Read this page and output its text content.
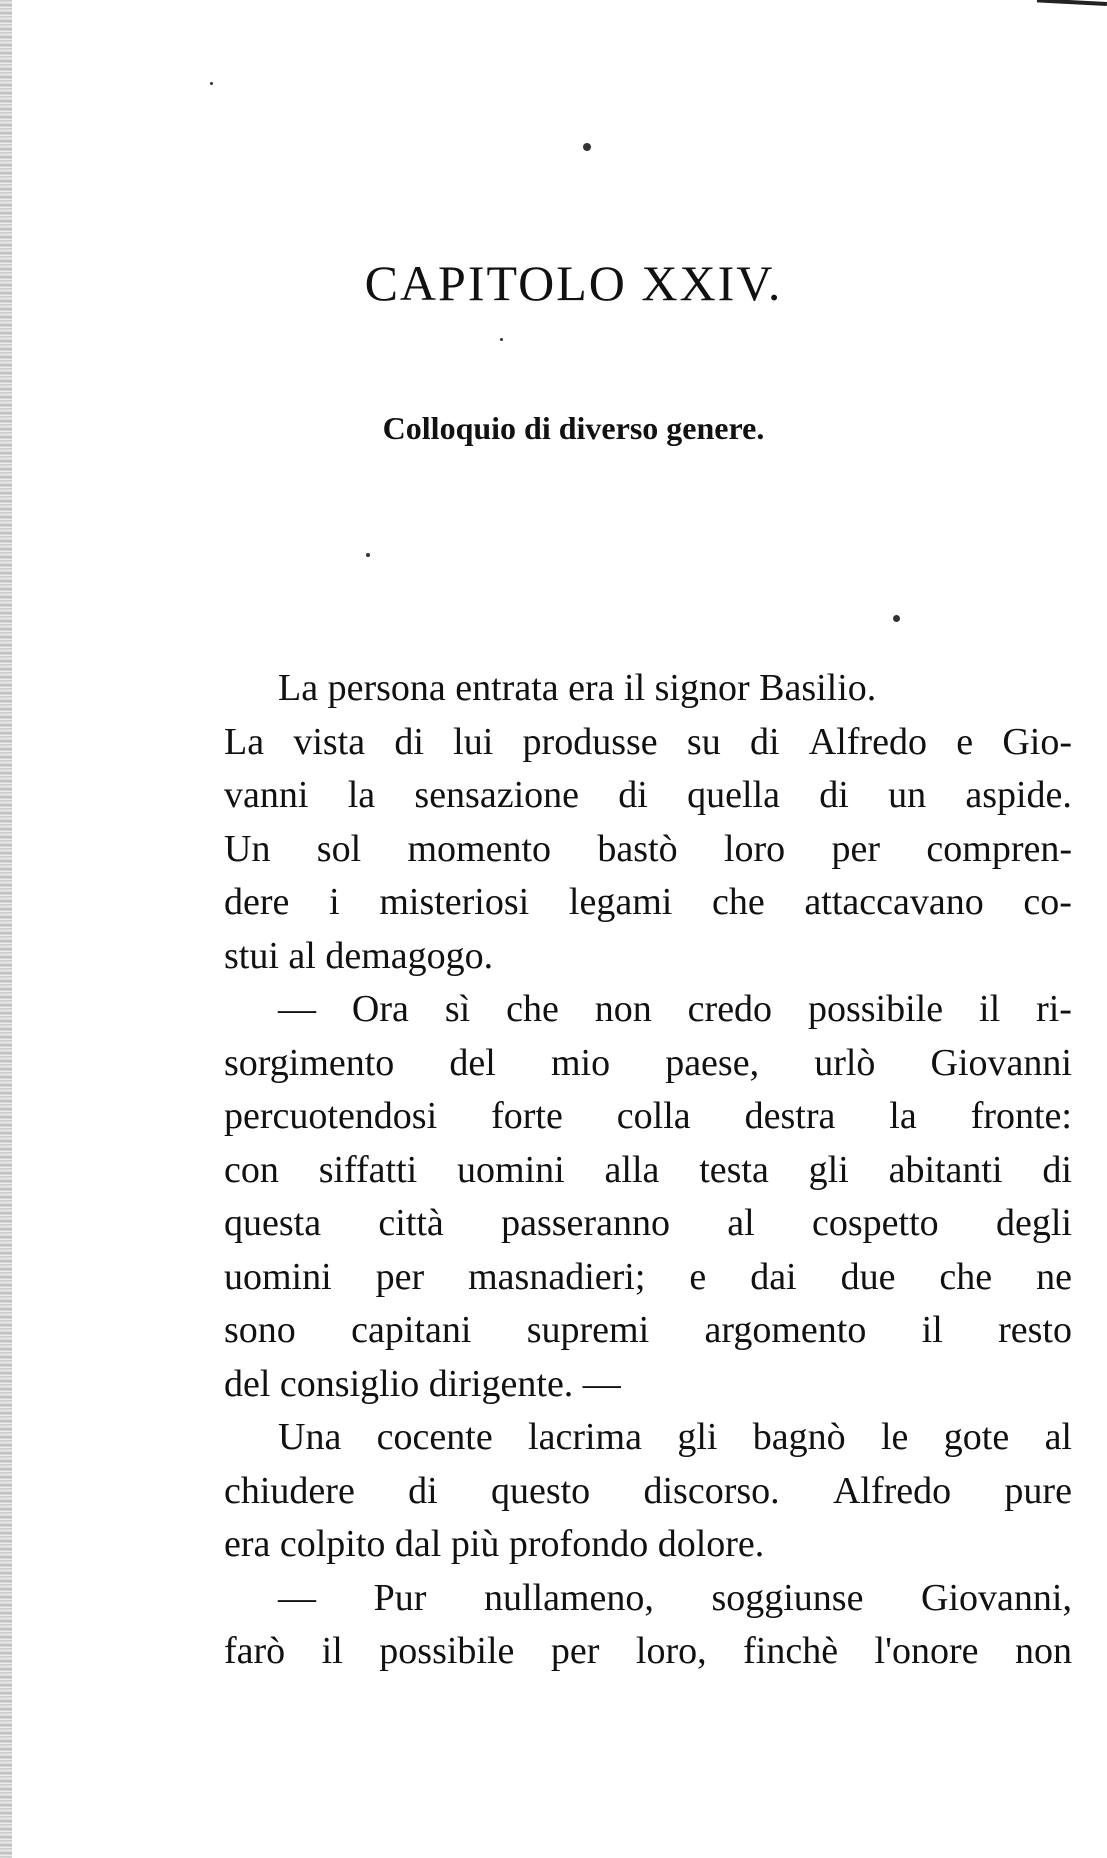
CAPITOLO XXIV.
Colloquio di diverso genere.
La persona entrata era il signor Basilio.
La vista di lui produsse su di Alfredo e Gio-
vanni la sensazione di quella di un aspide.
Un sol momento bastò loro per compren-
dere i misteriosi legami che attaccavano co-
stui al demagogo.
— Ora sì che non credo possibile il ri-
sorgimento del mio paese, urlò Giovanni
percuotendosi forte colla destra la fronte:
con siffatti uomini alla testa gli abitanti di
questa città passeranno al cospetto degli
uomini per masnadieri; e dai due che ne
sono capitani supremi argomento il resto
del consiglio dirigente. —
Una cocente lacrima gli bagnò le gote al
chiudere di questo discorso. Alfredo pure
era colpito dal più profondo dolore.
— Pur nullameno, soggiunse Giovanni,
farò il possibile per loro, finchè l'onore non
